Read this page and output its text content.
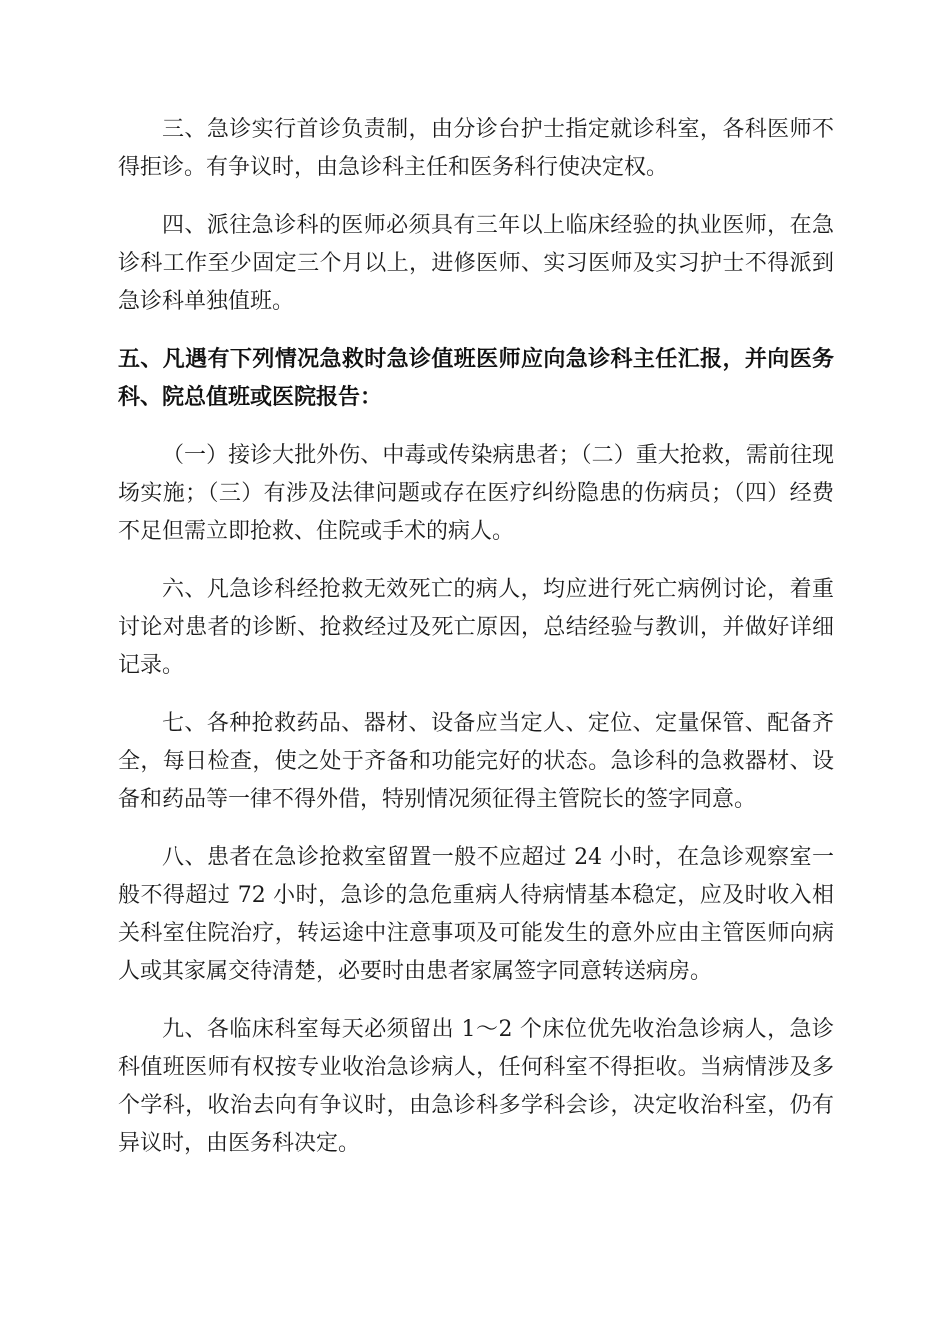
三、急诊实行首诊负责制，由分诊台护士指定就诊科室，各科医师不得拒诊。有争议时，由急诊科主任和医务科行使决定权。

四、派往急诊科的医师必须具有三年以上临床经验的执业医师，在急诊科工作至少固定三个月以上，进修医师、实习医师及实习护士不得派到急诊科单独值班。

五、凡遇有下列情况急救时急诊值班医师应向急诊科主任汇报，并向医务科、院总值班或医院报告：

（一）接诊大批外伤、中毒或传染病患者；（二）重大抢救，需前往现场实施；（三）有涉及法律问题或存在医疗纠纷隐患的伤病员；（四）经费不足但需立即抢救、住院或手术的病人。

六、凡急诊科经抢救无效死亡的病人，均应进行死亡病例讨论，着重讨论对患者的诊断、抢救经过及死亡原因，总结经验与教训，并做好详细记录。

七、各种抢救药品、器材、设备应当定人、定位、定量保管、配备齐全，每日检查，使之处于齐备和功能完好的状态。急诊科的急救器材、设备和药品等一律不得外借，特别情况须征得主管院长的签字同意。

八、患者在急诊抢救室留置一般不应超过 24 小时，在急诊观察室一般不得超过 72 小时，急诊的急危重病人待病情基本稳定，应及时收入相关科室住院治疗，转运途中注意事项及可能发生的意外应由主管医师向病人或其家属交待清楚，必要时由患者家属签字同意转送病房。

九、各临床科室每天必须留出 1～2 个床位优先收治急诊病人，急诊科值班医师有权按专业收治急诊病人，任何科室不得拒收。当病情涉及多个学科，收治去向有争议时，由急诊科多学科会诊，决定收治科室，仍有异议时，由医务科决定。
